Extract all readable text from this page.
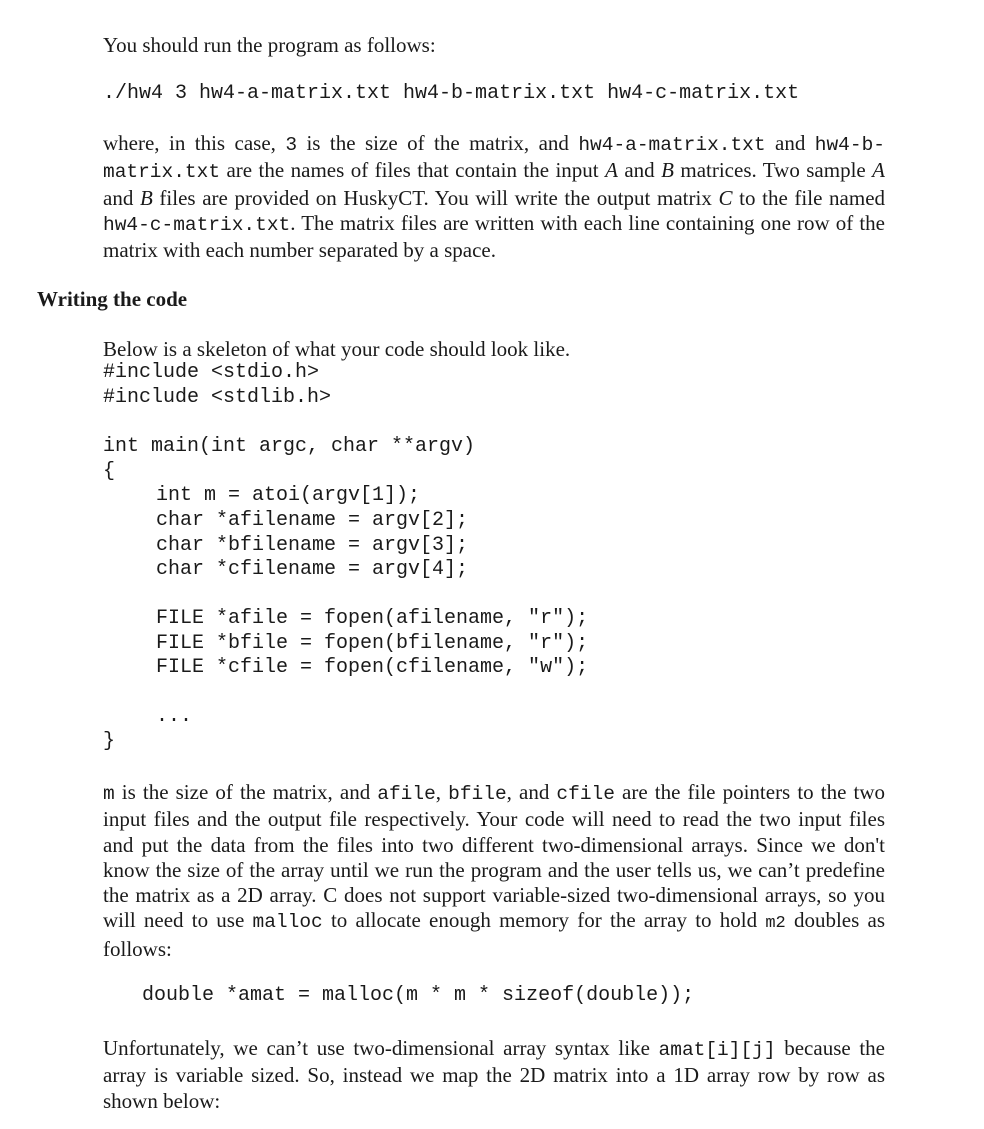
You should run the program as follows:
./hw4 3 hw4-a-matrix.txt hw4-b-matrix.txt hw4-c-matrix.txt
where, in this case, 3 is the size of the matrix, and hw4-a-matrix.txt and hw4-b-matrix.txt are the names of files that contain the input A and B matrices. Two sample A and B files are provided on HuskyCT. You will write the output matrix C to the file named hw4-c-matrix.txt. The matrix files are written with each line containing one row of the matrix with each number separated by a space.
Writing the code
Below is a skeleton of what your code should look like.
#include <stdio.h>
#include <stdlib.h>
int main(int argc, char **argv)
{
int m = atoi(argv[1]);
char *afilename = argv[2];
char *bfilename = argv[3];
char *cfilename = argv[4];
FILE *afile = fopen(afilename, "r");
FILE *bfile = fopen(bfilename, "r");
FILE *cfile = fopen(cfilename, "w");
...
}
m is the size of the matrix, and afile, bfile, and cfile are the file pointers to the two input files and the output file respectively. Your code will need to read the two input files and put the data from the files into two different two-dimensional arrays. Since we don't know the size of the array until we run the program and the user tells us, we can’t predefine the matrix as a 2D array. C does not support variable-sized two-dimensional arrays, so you will need to use malloc to allocate enough memory for the array to hold m2 doubles as follows:
double *amat = malloc(m * m * sizeof(double));
Unfortunately, we can’t use two-dimensional array syntax like amat[i][j] because the array is variable sized. So, instead we map the 2D matrix into a 1D array row by row as shown below:
